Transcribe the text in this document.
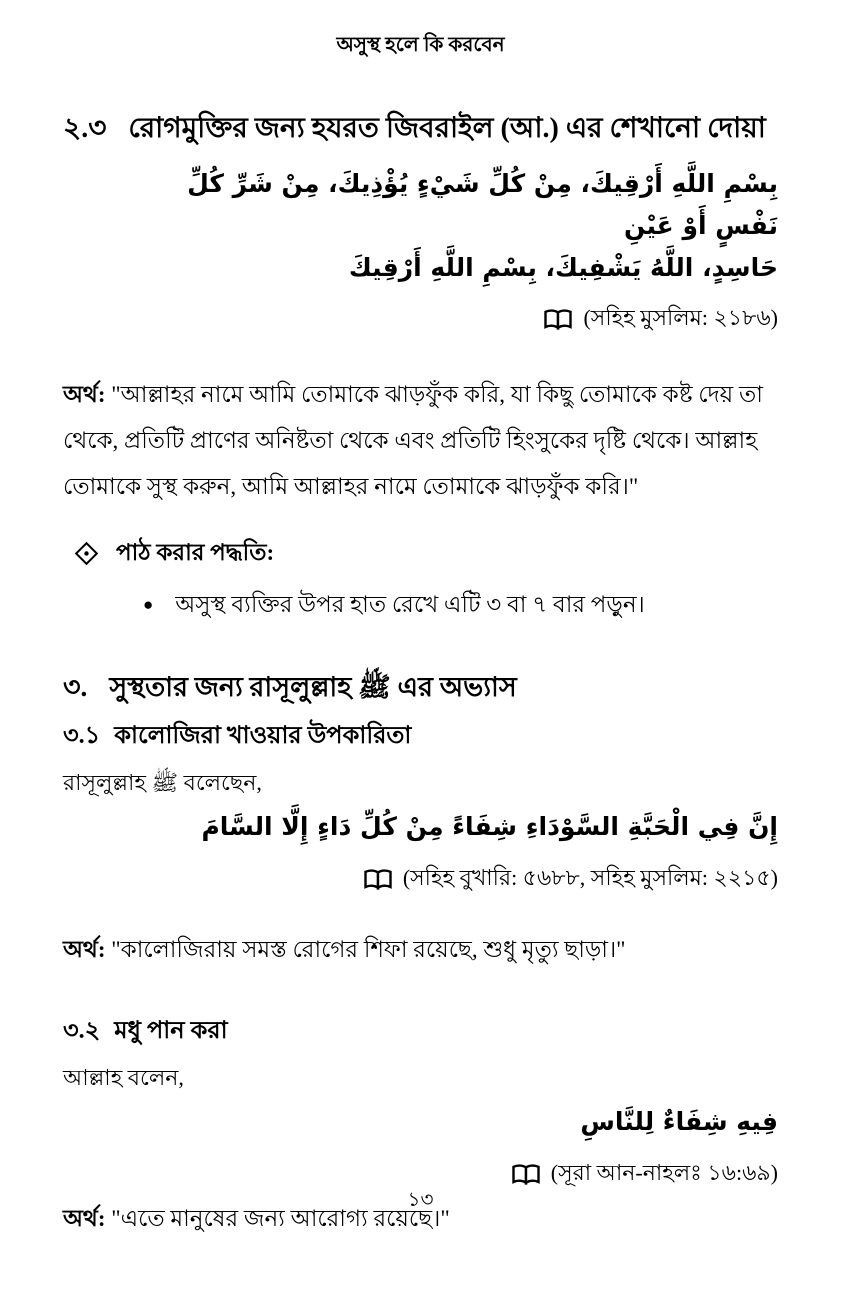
অসুস্থ হলে কি করবেন
২.৩ রোগমুক্তির জন্য হযরত জিবরাইল (আ.) এর শেখানো দোয়া
بِسْمِ اللَّهِ أَرْقِيكَ، مِنْ كُلِّ شَيْءٍ يُؤْذِيكَ، مِنْ شَرِّ كُلِّ نَفْسٍ أَوْ عَيْنِ
حَاسِدٍ، اللَّهُ يَشْفِيكَ، بِسْمِ اللَّهِ أَرْقِيكَ
(সহিহ মুসলিম: ২১৮৬)
অর্থ: "আল্লাহর নামে আমি তোমাকে ঝাড়ফুঁক করি, যা কিছু তোমাকে কষ্ট দেয় তা থেকে, প্রতিটি প্রাণের অনিষ্টতা থেকে এবং প্রতিটি হিংসুকের দৃষ্টি থেকে। আল্লাহ তোমাকে সুস্থ করুন, আমি আল্লাহর নামে তোমাকে ঝাড়ফুঁক করি।"
পাঠ করার পদ্ধতি:
● অসুস্থ ব্যক্তির উপর হাত রেখে এটি ৩ বা ৭ বার পড়ুন।
৩. সুস্থতার জন্য রাসূলুল্লাহ ﷺ এর অভ্যাস
৩.১ কালোজিরা খাওয়ার উপকারিতা
রাসূলুল্লাহ ﷺ বলেছেন,
إِنَّ فِي الْحَبَّةِ السَّوْدَاءِ شِفَاءً مِنْ كُلِّ دَاءٍ إِلَّا السَّامَ
(সহিহ বুখারি: ৫৬৮৮, সহিহ মুসলিম: ২২১৫)
অর্থ: "কালোজিরায় সমস্ত রোগের শিফা রয়েছে, শুধু মৃত্যু ছাড়া।"
৩.২ মধু পান করা
আল্লাহ বলেন,
فِيهِ شِفَاءٌ لِلنَّاسِ
(সূরা আন-নাহলঃ ১৬:৬৯)
অর্থ: "এতে মানুষের জন্য আরোগ্য রয়েছে।"
১৩
